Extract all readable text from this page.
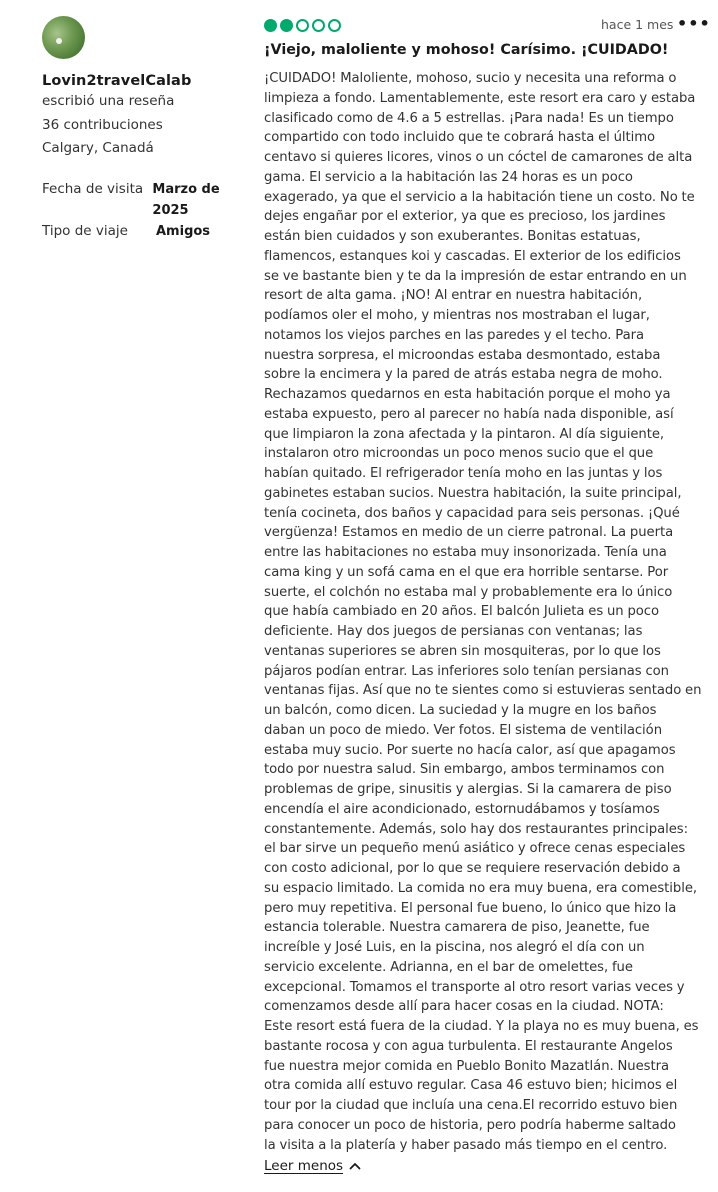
Lovin2travelCalab
escribió una reseña
36 contribuciones
Calgary, Canadá
Fecha de visita Marzo de 2025
Tipo de viaje	Amigos
hace 1 mes •••
¡Viejo, maloliente y mohoso! Carísimo. ¡CUIDADO!
¡CUIDADO! Maloliente, mohoso, sucio y necesita una reforma o
limpieza a fondo. Lamentablemente, este resort era caro y estaba
clasificado como de 4.6 a 5 estrellas. ¡Para nada! Es un tiempo
compartido con todo incluido que te cobrará hasta el último
centavo si quieres licores, vinos o un cóctel de camarones de alta
gama. El servicio a la habitación las 24 horas es un poco
exagerado, ya que el servicio a la habitación tiene un costo. No te
dejes engañar por el exterior, ya que es precioso, los jardines
están bien cuidados y son exuberantes. Bonitas estatuas,
flamencos, estanques koi y cascadas. El exterior de los edificios
se ve bastante bien y te da la impresión de estar entrando en un
resort de alta gama. ¡NO! Al entrar en nuestra habitación,
podíamos oler el moho, y mientras nos mostraban el lugar,
notamos los viejos parches en las paredes y el techo. Para
nuestra sorpresa, el microondas estaba desmontado, estaba
sobre la encimera y la pared de atrás estaba negra de moho.
Rechazamos quedarnos en esta habitación porque el moho ya
estaba expuesto, pero al parecer no había nada disponible, así
que limpiaron la zona afectada y la pintaron. Al día siguiente,
instalaron otro microondas un poco menos sucio que el que
habían quitado. El refrigerador tenía moho en las juntas y los
gabinetes estaban sucios. Nuestra habitación, la suite principal,
tenía cocineta, dos baños y capacidad para seis personas. ¡Qué
vergüenza! Estamos en medio de un cierre patronal. La puerta
entre las habitaciones no estaba muy insonorizada. Tenía una
cama king y un sofá cama en el que era horrible sentarse. Por
suerte, el colchón no estaba mal y probablemente era lo único
que había cambiado en 20 años. El balcón Julieta es un poco
deficiente. Hay dos juegos de persianas con ventanas; las
ventanas superiores se abren sin mosquiteras, por lo que los
pájaros podían entrar. Las inferiores solo tenían persianas con
ventanas fijas. Así que no te sientes como si estuvieras sentado en
un balcón, como dicen. La suciedad y la mugre en los baños
daban un poco de miedo. Ver fotos. El sistema de ventilación
estaba muy sucio. Por suerte no hacía calor, así que apagamos
todo por nuestra salud. Sin embargo, ambos terminamos con
problemas de gripe, sinusitis y alergias. Si la camarera de piso
encendía el aire acondicionado, estornudábamos y tosíamos
constantemente. Además, solo hay dos restaurantes principales:
el bar sirve un pequeño menú asiático y ofrece cenas especiales
con costo adicional, por lo que se requiere reservación debido a
su espacio limitado. La comida no era muy buena, era comestible,
pero muy repetitiva. El personal fue bueno, lo único que hizo la
estancia tolerable. Nuestra camarera de piso, Jeanette, fue
increíble y José Luis, en la piscina, nos alegró el día con un
servicio excelente. Adrianna, en el bar de omelettes, fue
excepcional. Tomamos el transporte al otro resort varias veces y
comenzamos desde allí para hacer cosas en la ciudad. NOTA:
Este resort está fuera de la ciudad. Y la playa no es muy buena, es
bastante rocosa y con agua turbulenta. El restaurante Angelos
fue nuestra mejor comida en Pueblo Bonito Mazatlán. Nuestra
otra comida allí estuvo regular. Casa 46 estuvo bien; hicimos el
tour por la ciudad que incluía una cena.El recorrido estuvo bien
para conocer un poco de historia, pero podría haberme saltado
la visita a la platería y haber pasado más tiempo en el centro.
Leer menos
